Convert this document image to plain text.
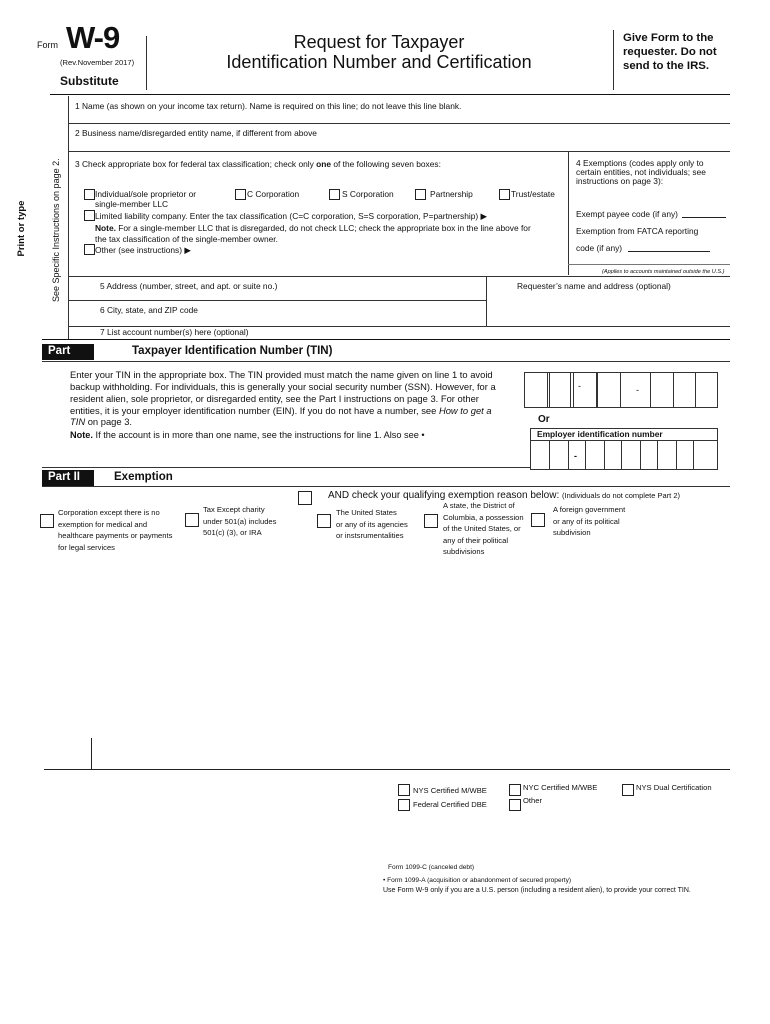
Form W-9
(Rev.November 2017)
Substitute
Request for Taxpayer
Identification Number and Certification
Give Form to the
requester. Do not
send to the IRS.
Print or type	See Specific Instructions on page 2.
1 Name (as shown on your income tax return). Name is required on this line; do not leave this line blank.
2 Business name/disregarded entity name, if different from above
3 Check appropriate box for federal tax classification; check only one of the following seven boxes:
Individual/sole proprietor or
single-member LLC
C Corporation	S Corporation	Partnership	Trust/estate
Limited liability company. Enter the tax classification (C=C corporation, S=S corporation, P=partnership) ▶
Note. For a single-member LLC that is disregarded, do not check LLC; check the appropriate box in the line above for
the tax classification of the single-member owner.
Other (see instructions) ▶
4 Exemptions (codes apply only to
certain entities, not individuals; see
instructions on page 3):
Exempt payee code (if any)
Exemption from FATCA reporting
code (if any)
(Applies to accounts maintained outside the U.S.)
5 Address (number, street, and apt. or suite no.)	Requester’s name and address (optional)
6 City, state, and ZIP code
7 List account number(s) here (optional)
Part	Taxpayer Identification Number (TIN)
Enter your TIN in the appropriate box. The TIN provided must match the name given on line 1 to avoid
backup withholding. For individuals, this is generally your social security number (SSN). However, for a
resident alien, sole proprietor, or disregarded entity, see the Part I instructions on page 3. For other
entities, it is your employer identification number (EIN). If you do not have a number, see How to get a
TIN on page 3.
Note. If the account is in more than one name, see the instructions for line 1. Also see •
-	-
Or
Employer identification number
-
Part II	Exemption
AND check your qualifying exemption reason below: (Individuals do not complete Part 2)
Corporation except there is no
exemption for medical and
healthcare payments or payments
for legal services
Tax Except charity
under 501(a) includes
501(c) (3), or IRA
The United States
or any of its agencies
or instsrumentalities
A state, the District of
Columbia, a possession
of the United States, or
any of their political
subdivisions
A foreign government
or any of its political
subdivision
NYS Certified M/WBE	NYC Certified M/WBE	NYS Dual Certification
Federal Certified DBE	Other
Form 1099-C (canceled debt)
• Form 1099-A (acquisition or abandonment of secured property)
Use Form W-9 only if you are a U.S. person (including a resident alien), to provide your correct TIN.
